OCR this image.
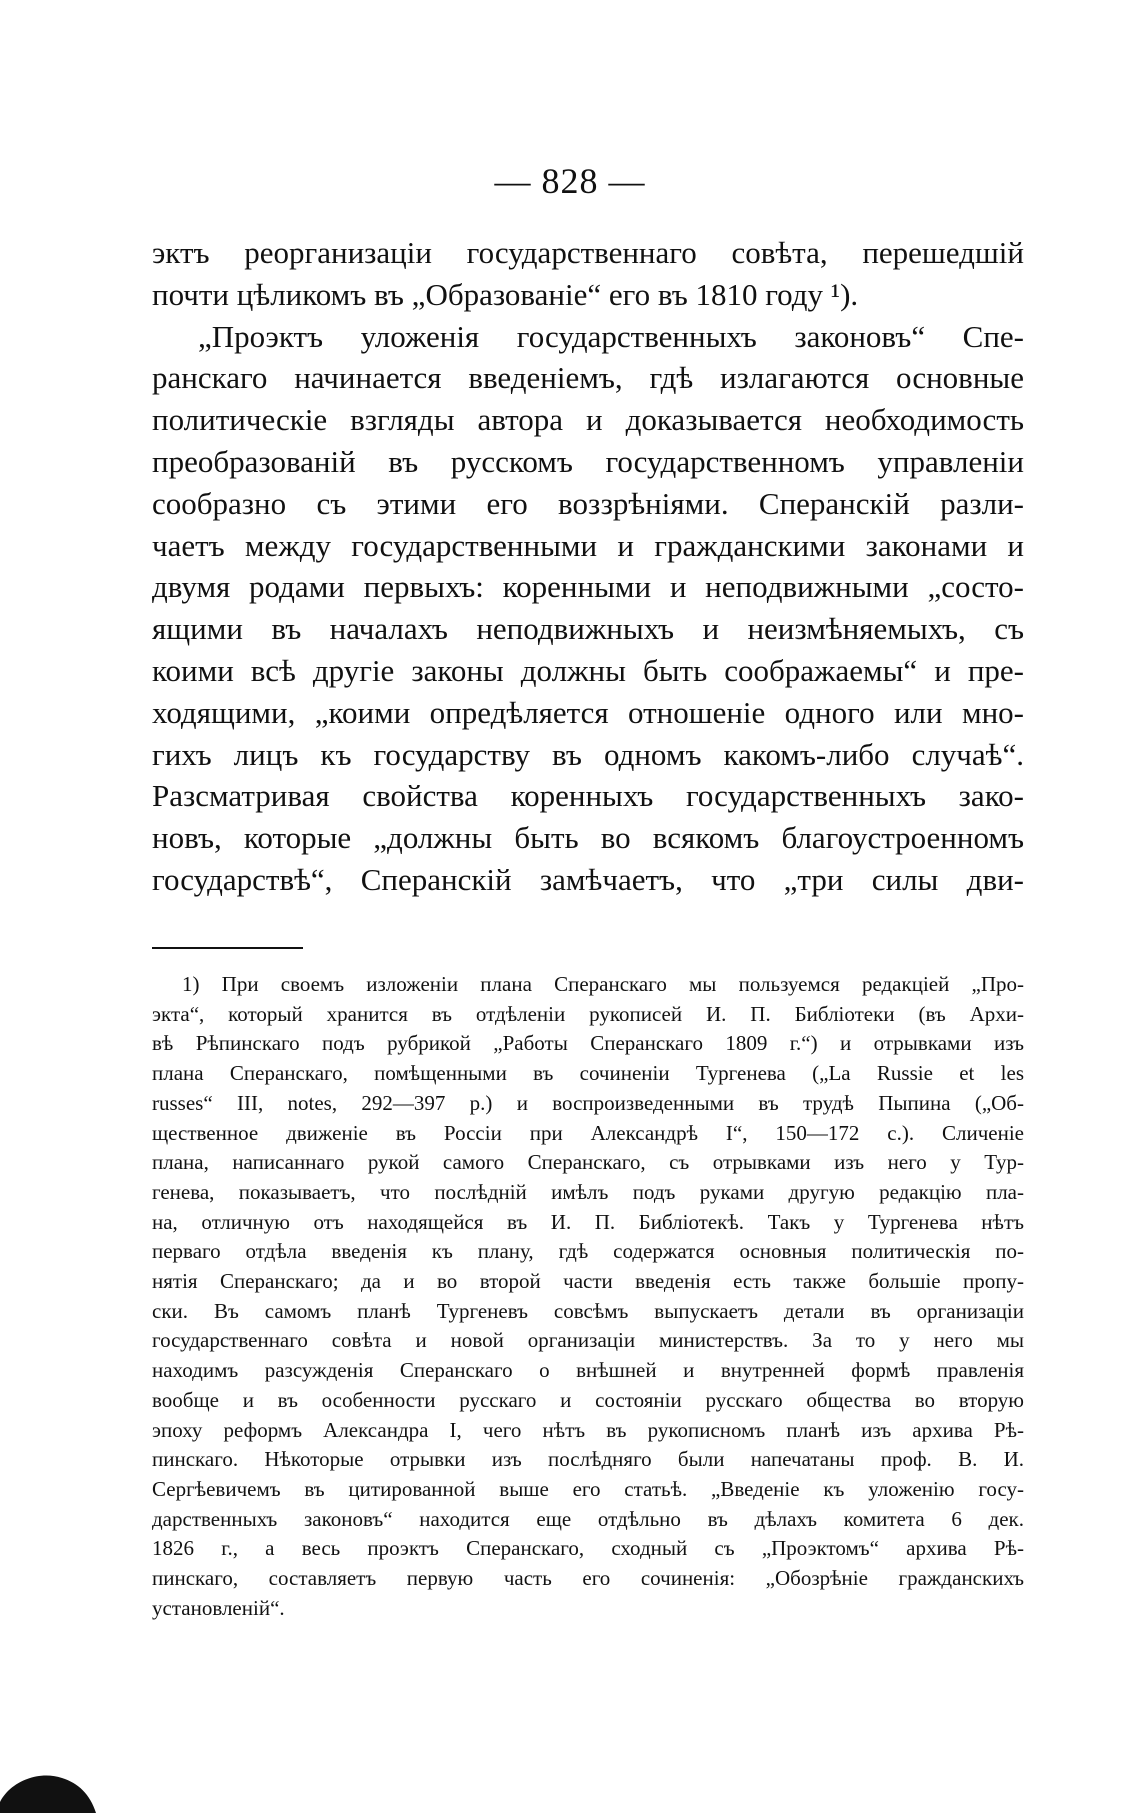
— 828 —
эктъ реорганизаціи государственнаго совѣта, перешедшій
почти цѣликомъ въ „Образованіе“ его въ 1810 году ¹).
„Проэктъ уложенія государственныхъ законовъ“ Спе-
ранскаго начинается введеніемъ, гдѣ излагаются основные
политическіе взгляды автора и доказывается необходимость
преобразованій въ русскомъ государственномъ управленіи
сообразно съ этими его воззрѣніями. Сперанскій разли-
чаетъ между государственными и гражданскими законами и
двумя родами первыхъ: коренными и неподвижными „состо-
ящими въ началахъ неподвижныхъ и неизмѣняемыхъ, съ
коими всѣ другіе законы должны быть соображаемы“ и пре-
ходящими, „коими опредѣляется отношеніе одного или мно-
гихъ лицъ къ государству въ одномъ какомъ-либо случаѣ“.
Разсматривая свойства коренныхъ государственныхъ зако-
новъ, которые „должны быть во всякомъ благоустроенномъ
государствѣ“, Сперанскій замѣчаетъ, что „три силы дви-
1) При своемъ изложеніи плана Сперанскаго мы пользуемся редакціей „Про-
экта“, который хранится въ отдѣленіи рукописей И. П. Библіотеки (въ Архи-
вѣ Рѣпинскаго подъ рубрикой „Работы Сперанскаго 1809 г.“) и отрывками изъ
плана Сперанскаго, помѣщенными въ сочиненіи Тургенева („La Russie et les
russes“ III, notes, 292—397 р.) и воспроизведенными въ трудѣ Пыпина („Об-
щественное движеніе въ Россіи при Александрѣ I“, 150—172 с.). Сличеніе
плана, написаннаго рукой самого Сперанскаго, съ отрывками изъ него у Тур-
генева, показываетъ, что послѣдній имѣлъ подъ руками другую редакцію пла-
на, отличную отъ находящейся въ И. П. Библіотекѣ. Такъ у Тургенева нѣтъ
перваго отдѣла введенія къ плану, гдѣ содержатся основныя политическія по-
нятія Сперанскаго; да и во второй части введенія есть также большіе пропу-
ски. Въ самомъ планѣ Тургеневъ совсѣмъ выпускаетъ детали въ организаціи
государственнаго совѣта и новой организаціи министерствъ. За то у него мы
находимъ разсужденія Сперанскаго о внѣшней и внутренней формѣ правленія
вообще и въ особенности русскаго и состояніи русскаго общества во вторую
эпоху реформъ Александра I, чего нѣтъ въ рукописномъ планѣ изъ архива Рѣ-
пинскаго. Нѣкоторые отрывки изъ послѣдняго были напечатаны проф. В. И.
Сергѣевичемъ въ цитированной выше его статьѣ. „Введеніе къ уложенію госу-
дарственныхъ законовъ“ находится еще отдѣльно въ дѣлахъ комитета 6 дек.
1826 г., а весь проэктъ Сперанскаго, сходный съ „Проэктомъ“ архива Рѣ-
пинскаго, составляетъ первую часть его сочиненія: „Обозрѣніе гражданскихъ
установленій“.
